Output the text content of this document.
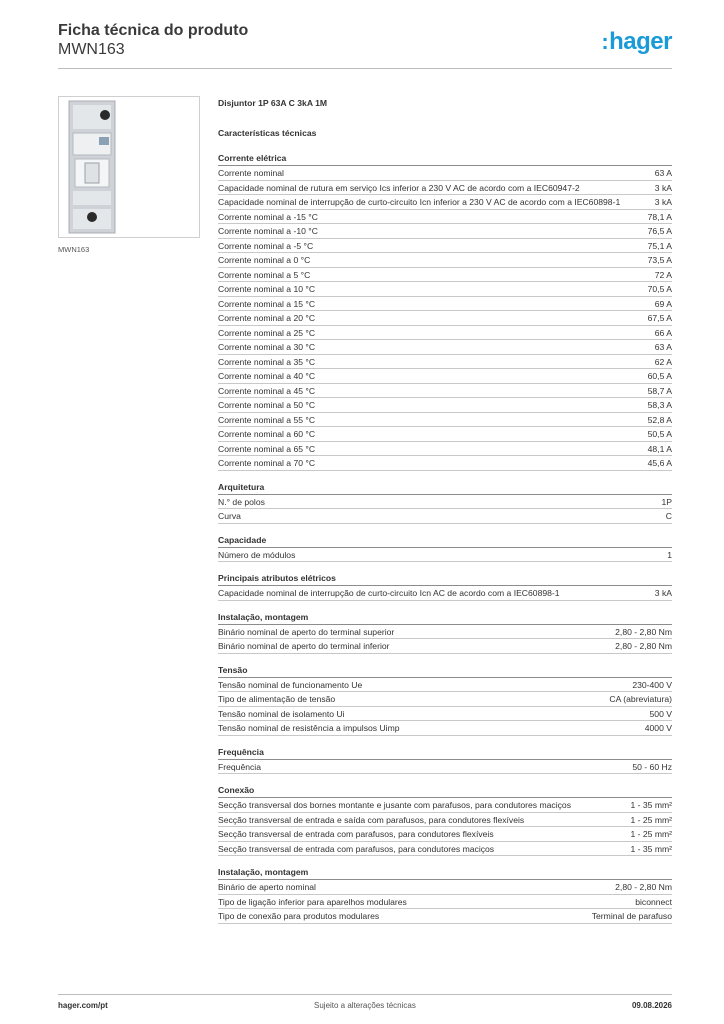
Ficha técnica do produto
MWN163	:hager
MWN163
Disjuntor 1P 63A C 3kA 1M
Características técnicas
Corrente elétrica
Corrente nominal	63 A
Capacidade nominal de rutura em serviço Ics inferior a 230 V AC de acordo com a IEC60947-2	3 kA
Capacidade nominal de interrupção de curto-circuito Icn inferior a 230 V AC de acordo com a IEC60898-1	3 kA
Corrente nominal a -15 °C	78,1 A
Corrente nominal a -10 °C	76,5 A
Corrente nominal a -5 °C	75,1 A
Corrente nominal a 0 °C	73,5 A
Corrente nominal a 5 °C	72 A
Corrente nominal a 10 °C	70,5 A
Corrente nominal a 15 °C	69 A
Corrente nominal a 20 °C	67,5 A
Corrente nominal a 25 °C	66 A
Corrente nominal a 30 °C	63 A
Corrente nominal a 35 °C	62 A
Corrente nominal a 40 °C	60,5 A
Corrente nominal a 45 °C	58,7 A
Corrente nominal a 50 °C	58,3 A
Corrente nominal a 55 °C	52,8 A
Corrente nominal a 60 °C	50,5 A
Corrente nominal a 65 °C	48,1 A
Corrente nominal a 70 °C	45,6 A
Arquitetura
N.° de polos	1P
Curva	C
Capacidade
Número de módulos	1
Principais atributos elétricos
Capacidade nominal de interrupção de curto-circuito Icn AC de acordo com a IEC60898-1	3 kA
Instalação, montagem
Binário nominal de aperto do terminal superior	2,80 - 2,80 Nm
Binário nominal de aperto do terminal inferior	2,80 - 2,80 Nm
Tensão
Tensão nominal de funcionamento Ue	230-400 V
Tipo de alimentação de tensão	CA (abreviatura)
Tensão nominal de isolamento Ui	500 V
Tensão nominal de resistência a impulsos Uimp	4000 V
Frequência
Frequência	50 - 60 Hz
Conexão
Secção transversal dos bornes montante e jusante com parafusos, para condutores maciços	1 - 35 mm²
Secção transversal de entrada e saída com parafusos, para condutores flexíveis	1 - 25 mm²
Secção transversal de entrada com parafusos, para condutores flexíveis	1 - 25 mm²
Secção transversal de entrada com parafusos, para condutores maciços	1 - 35 mm²
Instalação, montagem
Binário de aperto nominal	2,80 - 2,80 Nm
Tipo de ligação inferior para aparelhos modulares	biconnect
Tipo de conexão para produtos modulares	Terminal de parafuso
hager.com/pt	Sujeito a alterações técnicas	09.08.2026
